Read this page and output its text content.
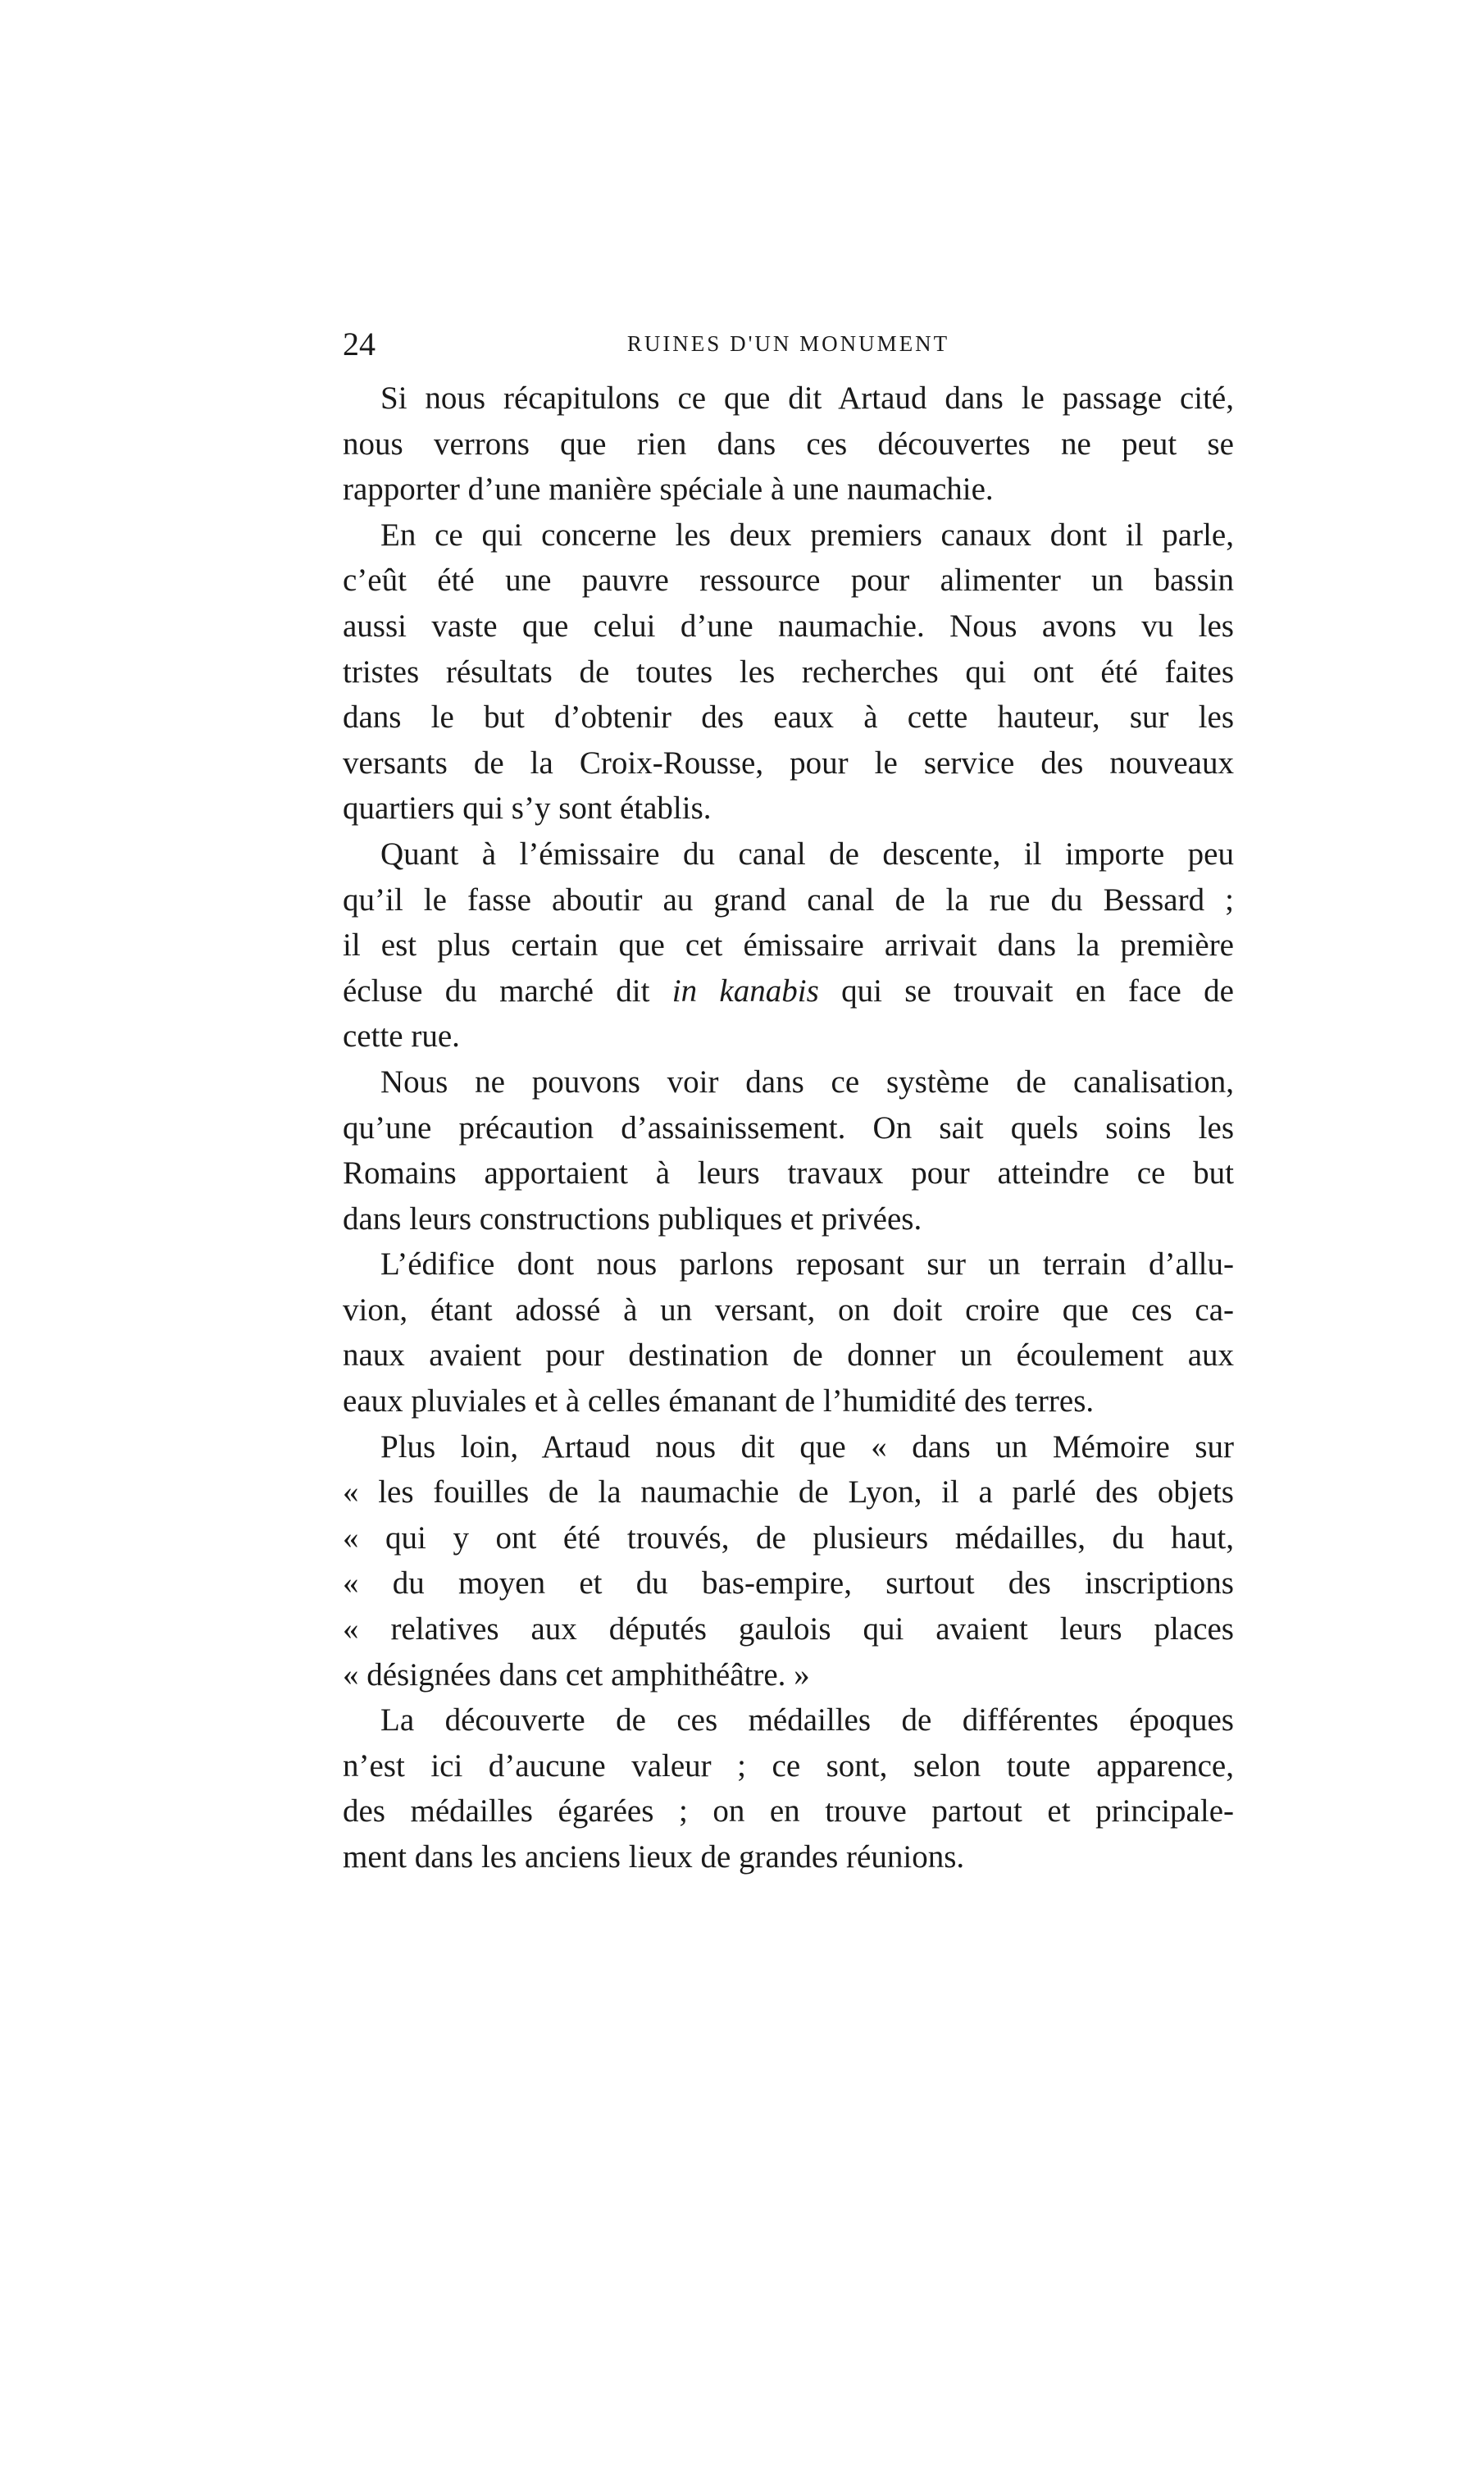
24	RUINES D'UN MONUMENT
Si nous récapitulons ce que dit Artaud dans le passage cité,
nous verrons que rien dans ces découvertes ne peut se
rapporter d’une manière spéciale à une naumachie.
En ce qui concerne les deux premiers canaux dont il parle,
c’eût été une pauvre ressource pour alimenter un bassin
aussi vaste que celui d’une naumachie. Nous avons vu les
tristes résultats de toutes les recherches qui ont été faites
dans le but d’obtenir des eaux à cette hauteur, sur les
versants de la Croix-Rousse, pour le service des nouveaux
quartiers qui s’y sont établis.
Quant à l’émissaire du canal de descente, il importe peu
qu’il le fasse aboutir au grand canal de la rue du Bessard ;
il est plus certain que cet émissaire arrivait dans la première
écluse du marché dit in kanabis qui se trouvait en face de
cette rue.
Nous ne pouvons voir dans ce système de canalisation,
qu’une précaution d’assainissement. On sait quels soins les
Romains apportaient à leurs travaux pour atteindre ce but
dans leurs constructions publiques et privées.
L’édifice dont nous parlons reposant sur un terrain d’allu-
vion, étant adossé à un versant, on doit croire que ces ca-
naux avaient pour destination de donner un écoulement aux
eaux pluviales et à celles émanant de l’humidité des terres.
Plus loin, Artaud nous dit que « dans un Mémoire sur
« les fouilles de la naumachie de Lyon, il a parlé des objets
« qui y ont été trouvés, de plusieurs médailles, du haut,
« du moyen et du bas-empire, surtout des inscriptions
« relatives aux députés gaulois qui avaient leurs places
« désignées dans cet amphithéâtre. »
La découverte de ces médailles de différentes époques
n’est ici d’aucune valeur ; ce sont, selon toute apparence,
des médailles égarées ; on en trouve partout et principale-
ment dans les anciens lieux de grandes réunions.
